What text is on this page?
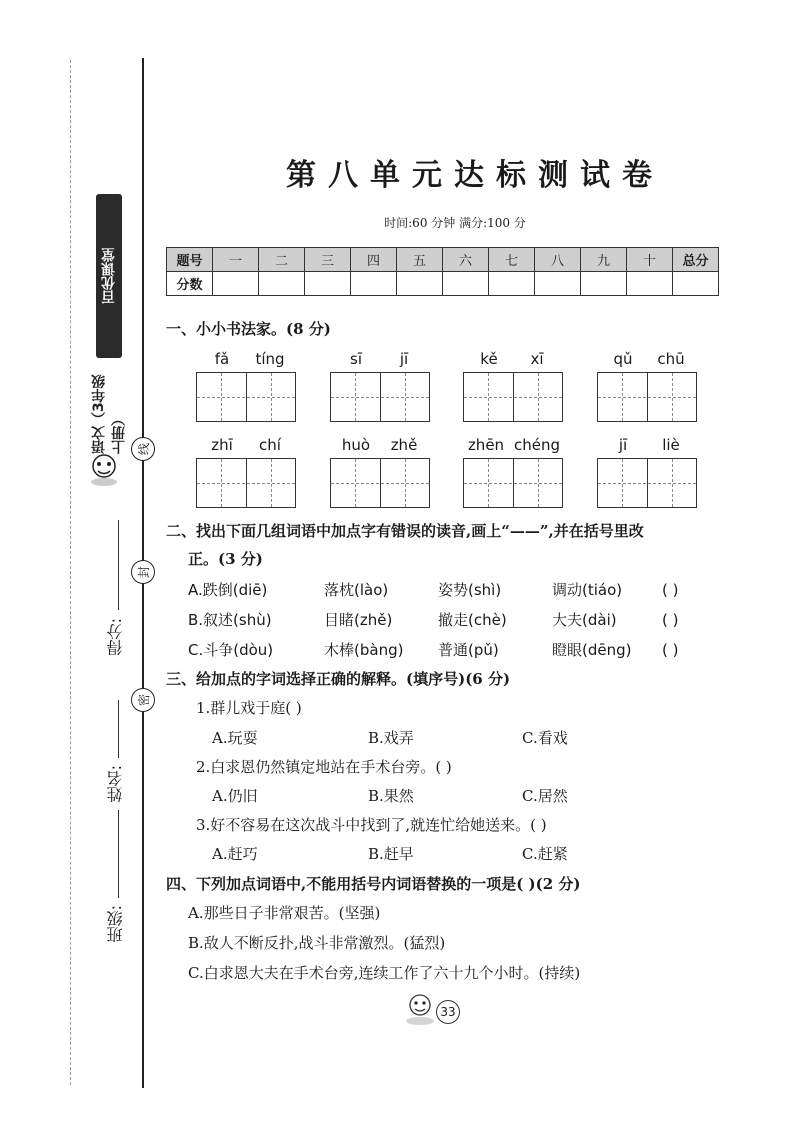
百优课堂
语文（3年级上册） 线
封
密
得分:
姓名:
班级:
第八单元达标测试卷
时间:60 分钟 满分:100 分
题号	一	二	三	四	五	六	七	八	九	十	总分
分数											
一、小小书法家。(8 分)
fǎ tíng	sī	jī	kě xī	qǔ chū
zhī chí	huò zhě	zhēn chéng	jī liè
二、找出下面几组词语中加点字有错误的读音,画上“——”,并在括号里改
正。(3 分)
A.跌倒(diē)	落枕(lào)	姿势(shì)	调动(tiáo)	( )
B.叙述(shù)	目睹(zhě)	撤走(chè)	大夫(dài)	( )
C.斗争(dòu)	木棒(bàng) 普通(pǔ)	瞪眼(dēng) ( )
三、给加点的字词选择正确的解释。(填序号)(6 分)
1.群儿戏于庭( )
A.玩耍	B.戏弄	C.看戏
2.白求恩仍然镇定地站在手术台旁。( )
A.仍旧	B.果然	C.居然
3.好不容易在这次战斗中找到了,就连忙给她送来。( )
A.赶巧	B.赶早	C.赶紧
四、下列加点词语中,不能用括号内词语替换的一项是( )(2 分)
A.那些日子非常艰苦。(坚强)
B.敌人不断反扑,战斗非常激烈。(猛烈)
C.白求恩大夫在手术台旁,连续工作了六十九个小时。(持续)
33
